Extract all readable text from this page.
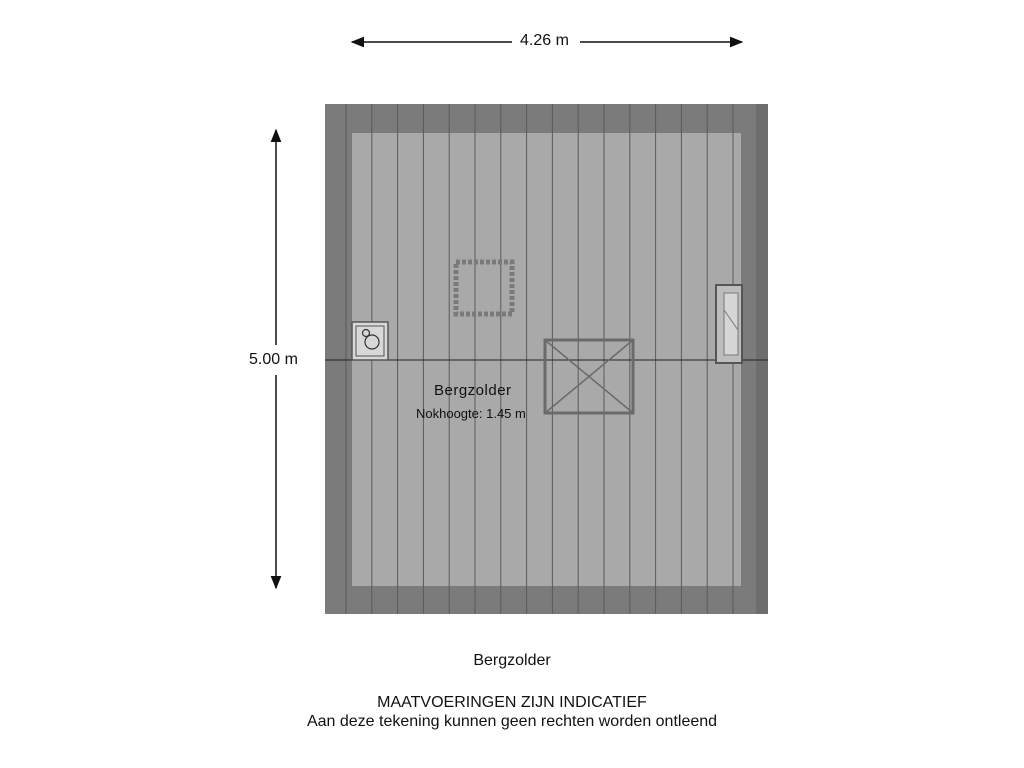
4.26 m
5.00 m
Bergzolder
Nokhoogte: 1.45 m
Bergzolder
MAATVOERINGEN ZIJN INDICATIEF
Aan deze tekening kunnen geen rechten worden ontleend
